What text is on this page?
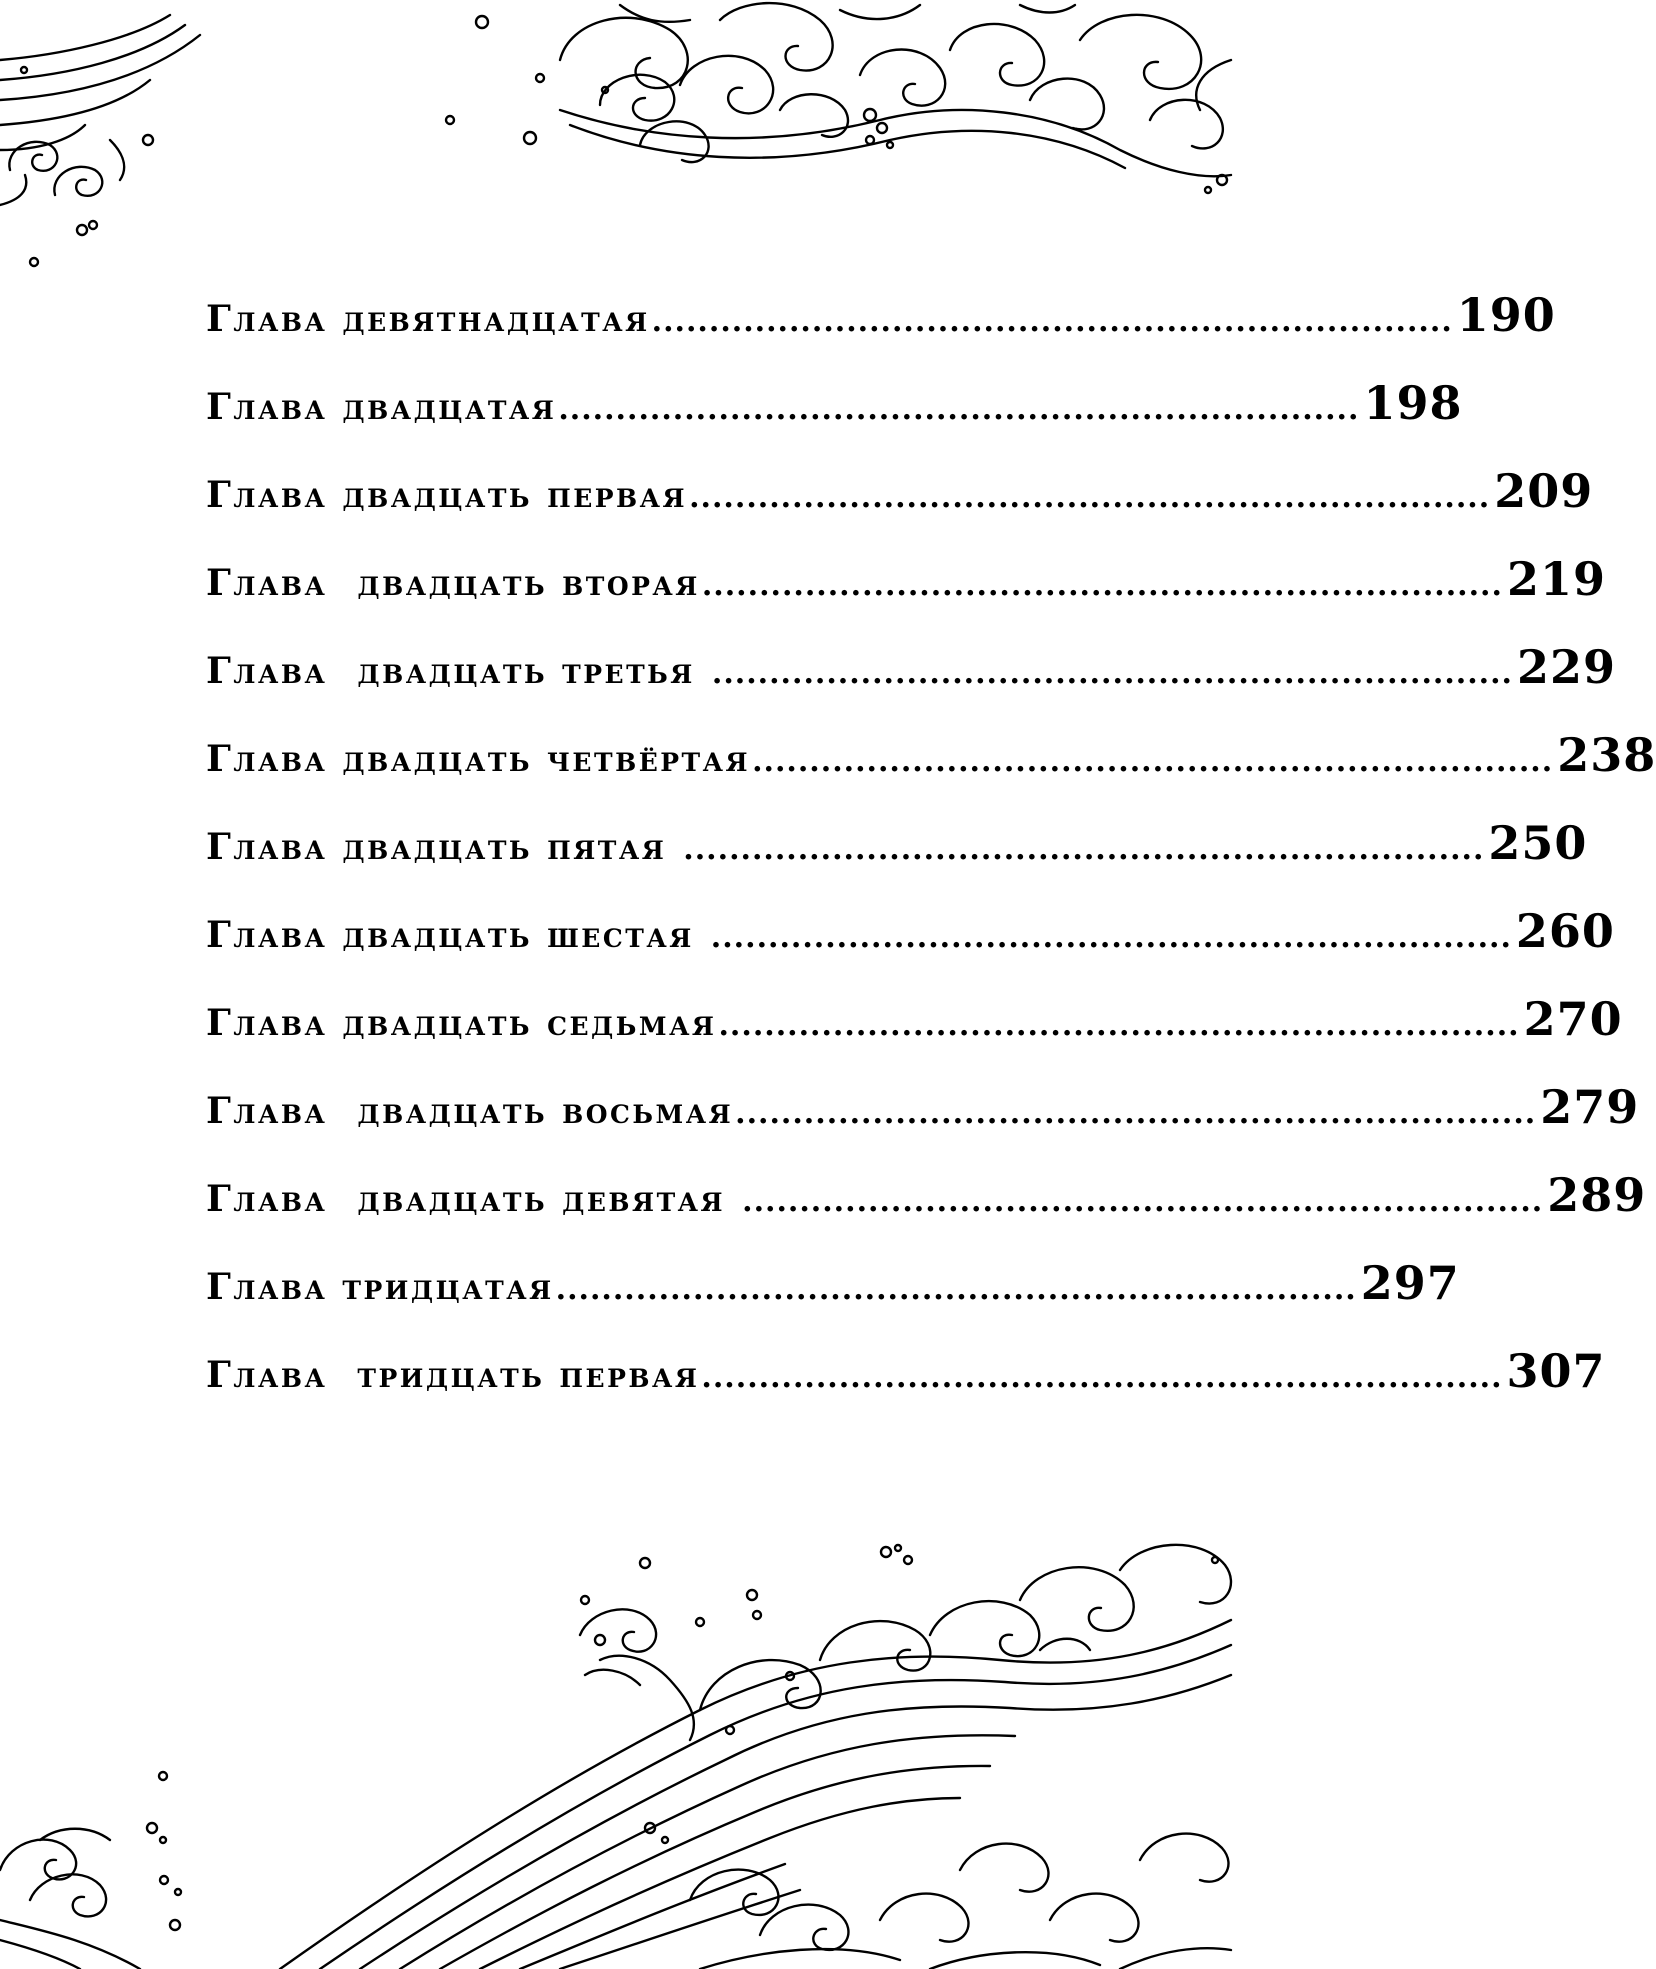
Глава девятнадцатая ...................................................................... 190
Глава двадцатая ...................................................................... 198
Глава двадцать первая ...................................................................... 209
Глава  двадцать вторая ...................................................................... 219
Глава  двадцать третья ...................................................................... 229
Глава двадцать четвёртая ...................................................................... 238
Глава двадцать пятая ...................................................................... 250
Глава двадцать шестая ...................................................................... 260
Глава двадцать седьмая ...................................................................... 270
Глава  двадцать восьмая ...................................................................... 279
Глава  двадцать девятая ...................................................................... 289
Глава тридцатая ...................................................................... 297
Глава  тридцать первая ...................................................................... 307
